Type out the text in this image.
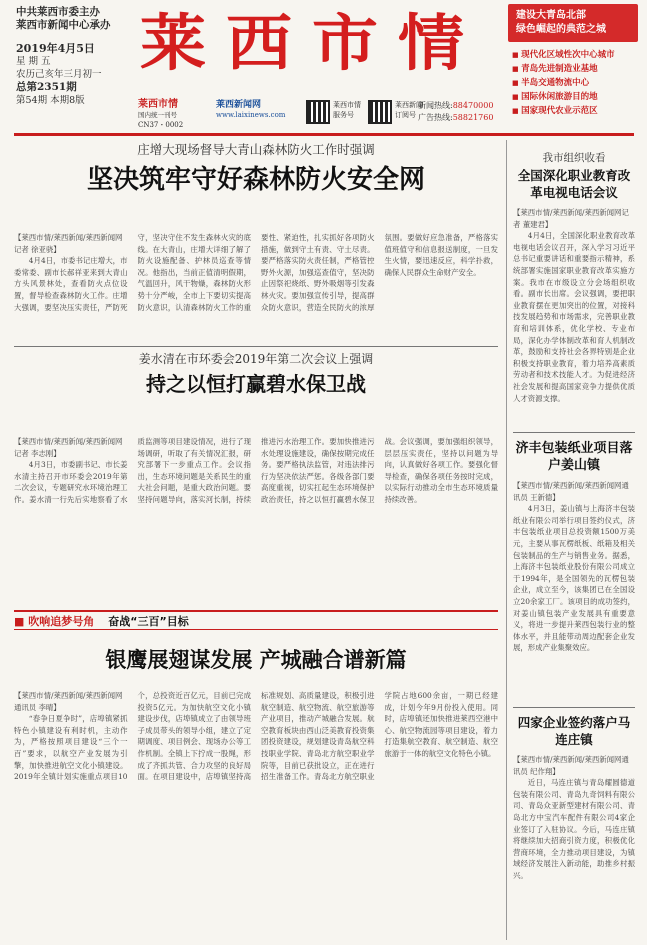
中共莱西市委主办
莱西市新闻中心承办
2019年4月5日
星 期 五
农历己亥年三月初一
总第2351期
第54期 本期8版
莱西市情	建设大青岛北部
绿色崛起的典范之城
■ 现代化区域性次中心城市
■ 青岛先进制造业基地
■ 半岛交通物流中心
■ 国际休闲旅游目的地
■ 国家现代农业示范区
莱西市情
国内统一刊号
CN37・0002
莱西新闻网
www.laixinews.com
莱西市情服务号
莱西新闻订阅号
新闻热线:88470000
广告热线:58821760
庄增大现场督导大青山森林防火工作时强调
坚决筑牢守好森林防火安全网
【莱西市情/莱西新闻/莱西新闻网记者 徐亚骁】

4月4日，市委书记庄增大，市委常委、副市长郝祥亚来到大青山方头风景林处，查看防火点位设置，督导检查森林防火工作。庄增大强调，要坚决压实责任，严防死守，坚决守住不发生森林火灾的底线。在大青山，庄增大详细了解了防火设施配备、护林员巡查等情况。他指出，当前正值清明假期，气温回升，风干物燥，森林防火形势十分严峻，全市上下要切实提高防火意识，认清森林防火工作的重要性、紧迫性，扎实抓好各项防火措施，做到守土有责、守土尽责。要严格落实防火责任制，严格管控野外火源，加强巡查值守，坚决防止因祭祀烧纸、野外吸烟等引发森林火灾。要加强宣传引导，提高群众防火意识，营造全民防火的浓厚氛围。要做好应急准备，严格落实值班值守和信息报送制度，一旦发生火情，要迅速反应，科学扑救，确保人民群众生命财产安全。

姜水清在市环委会2019年第二次会议上强调
持之以恒打赢碧水保卫战
【莱西市情/莱西新闻/莱西新闻网记者 李志刚】

4月3日，市委副书记、市长姜水清主持召开市环委会2019年第二次会议，专题研究水环境治理工作。姜水清一行先后实地察看了水质监测等项目建设情况，进行了现场调研，听取了有关情况汇报，研究部署下一步重点工作。会议指出，生态环境问题是关系民生的重大社会问题，是重大政治问题。要坚持问题导向，落实河长制，持续推进污水治理工作。要加快推进污水处理设施建设，确保按期完成任务。要严格执法监管，对违法排污行为坚决依法严惩。各级各部门要高度重视，切实扛起生态环境保护政治责任，持之以恒打赢碧水保卫战。会议强调，要加强组织领导，层层压实责任，坚持以问题为导向，认真做好各项工作。要强化督导检查，确保各项任务按时完成，以实际行动推动全市生态环境质量持续改善。

■ 吹响追梦号角 奋战“三百”目标
银鹰展翅谋发展 产城融合谱新篇
【莱西市情/莱西新闻/莱西新闻网通讯员 李晴】

“春争日夏争时”，店埠镇紧抓特色小镇建设有利时机，主动作为，严格按照项目建设“三个一百”要求，以航空产业发展为引擎，加快推进航空文化小镇建设。2019年全镇计划实施重点项目10个，总投资近百亿元，目前已完成投资5亿元。为加快航空文化小镇建设步伐，店埠镇成立了由领导班子成员带头的领导小组，建立了定期调度、项目例会、现场办公等工作机制。全镇上下拧成一股绳，形成了齐抓共管、合力攻坚的良好局面。在项目建设中，店埠镇坚持高标准规划、高质量建设，积极引进航空制造、航空物流、航空旅游等产业项目，推动产城融合发展。航空教育板块由西山泛美教育投资集团投资建设，规划建设青岛航空科技职业学院、青岛北方航空职业学院等，目前已获批设立，正在进行招生准备工作。青岛北方航空职业学院占地600余亩，一期已经建成，计划今年9月份投入使用。同时，店埠镇还加快推进莱西空港中心、航空物流园等项目建设，着力打造集航空教育、航空制造、航空旅游于一体的航空文化特色小镇。

我市组织收看
全国深化职业教育改革电视电话会议
【莱西市情/莱西新闻/莱西新闻网记者 董建君】

4月4日，全国深化职业教育改革电视电话会议召开，深入学习习近平总书记重要讲话和重要指示精神，系统部署实施国家职业教育改革实施方案。我市在市级设立分会场组织收看。副市长出席。会议强调，要把职业教育摆在更加突出的位置，对接科技发展趋势和市场需求，完善职业教育和培训体系，优化学校、专业布局，深化办学体制改革和育人机制改革，鼓励和支持社会各界特别是企业积极支持职业教育，着力培养高素质劳动者和技术技能人才。为促进经济社会发展和提高国家竞争力提供优质人才资源支撑。

济丰包装纸业项目落户姜山镇
【莱西市情/莱西新闻/莱西新闻网通讯员 王新德】

4月3日，姜山镇与上海济丰包装纸业有限公司举行项目签约仪式，济丰包装纸业项目总投资额1500万美元，主要从事瓦楞纸板、纸箱及相关包装制品的生产与销售业务。据悉，上海济丰包装纸业股份有限公司成立于1994年，是全国领先的瓦楞包装企业，成立至今，该集团已在全国设立20余家工厂。该项目的成功签约，对姜山镇包装产业发展具有重要意义，将进一步提升莱西包装行业的整体水平，并且能带动周边配套企业发展，形成产业集聚效应。

四家企业签约落户马连庄镇
【莱西市情/莱西新闻/莱西新闻网通讯员 纪作翔】

近日，马连庄镇与青岛耀圆德道包装有限公司、青岛九奇饲料有限公司、青岛众亚新型建材有限公司、青岛北方中宝汽车配件有限公司4家企业签订了入驻协议。今后，马连庄镇将继续加大招商引资力度，积极优化营商环境，全力推动项目建设，为镇域经济发展注入新动能，助推乡村振兴。
